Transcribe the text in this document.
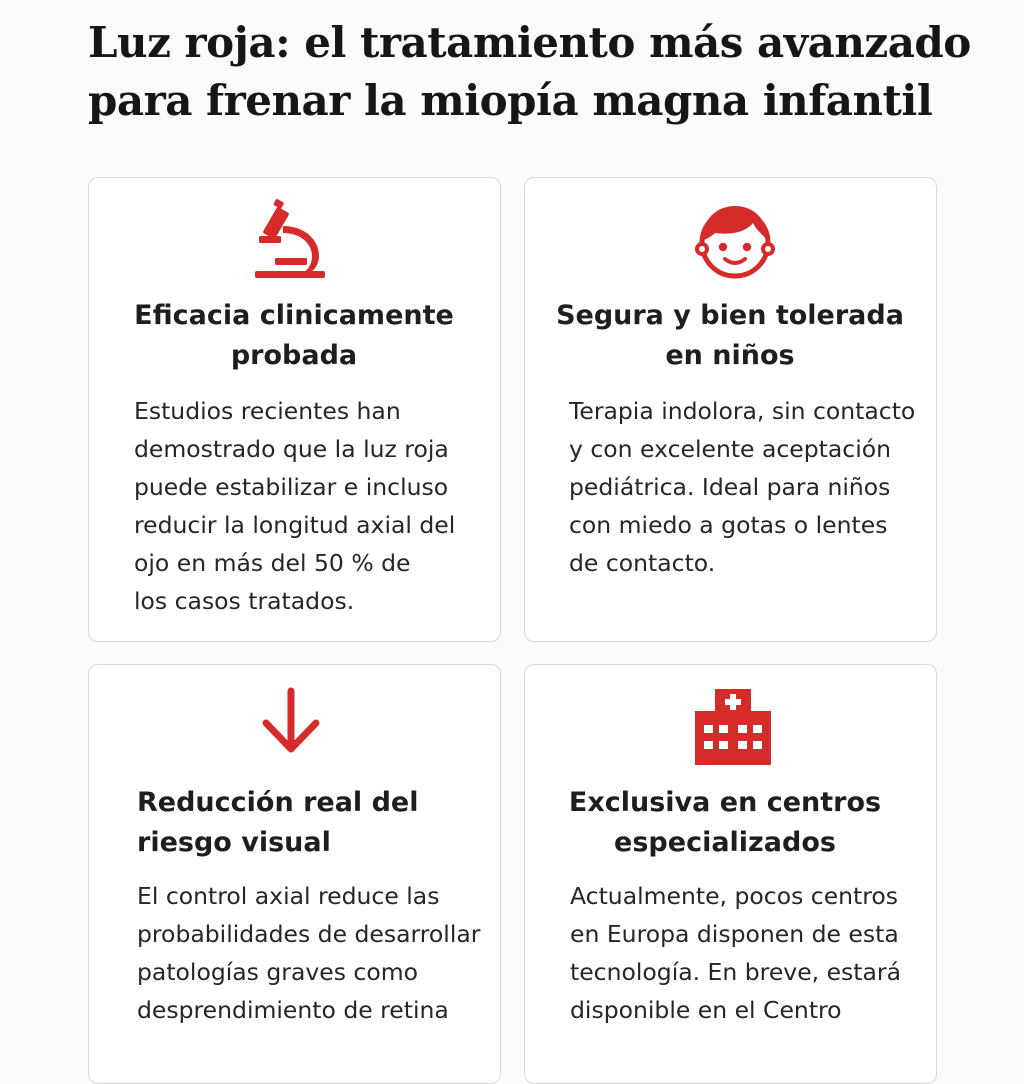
Luz roja: el tratamiento más avanzado
para frenar la miopía magna infantil
Eficacia clinicamente
probada

Estudios recientes han
demostrado que la luz roja
puede estabilizar e incluso
reducir la longitud axial del
ojo en más del 50 % de
los casos tratados.

Segura y bien tolerada
en niños

Terapia indolora, sin contacto
y con excelente aceptación
pediátrica. Ideal para niños
con miedo a gotas o lentes
de contacto.

Reducción real del
riesgo visual

El control axial reduce las
probabilidades de desarrollar
patologías graves como
desprendimiento de retina

Exclusiva en centros
especializados

Actualmente, pocos centros
en Europa disponen de esta
tecnología. En breve, estará
disponible en el Centro
